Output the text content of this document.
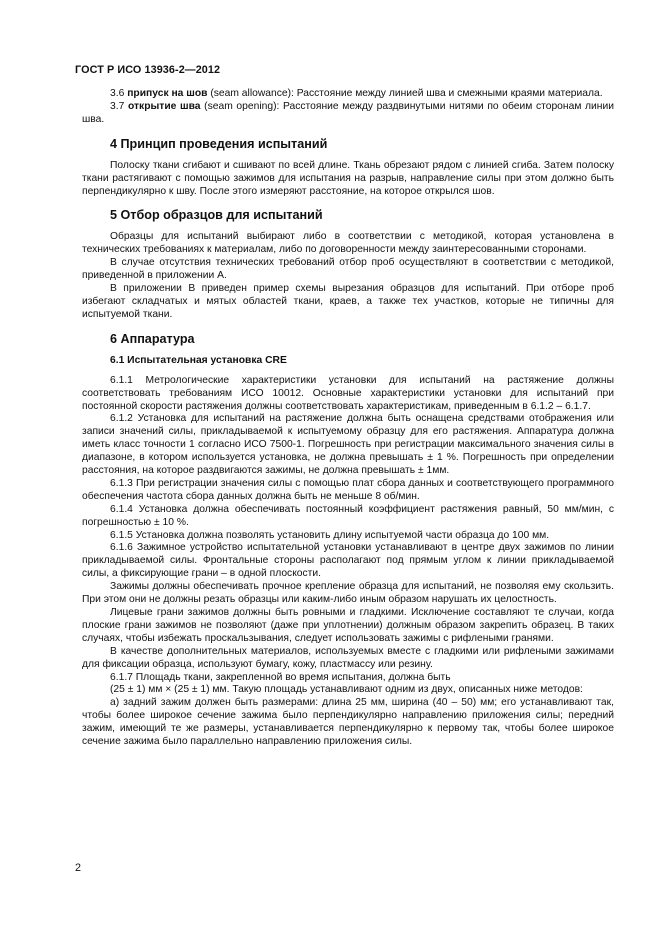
ГОСТ Р ИСО 13936-2—2012

3.6 припуск на шов (seam allowance): Расстояние между линией шва и смежными краями материала.

3.7 открытие шва (seam opening): Расстояние между раздвинутыми нитями по обеим сторонам линии шва.

4 Принцип проведения испытаний

Полоску ткани сгибают и сшивают по всей длине. Ткань обрезают рядом с линией сгиба. Затем полоску ткани растягивают с помощью зажимов для испытания на разрыв, направление силы при этом должно быть перпендикулярно к шву. После этого измеряют расстояние, на которое открылся шов.

5 Отбор образцов для испытаний

Образцы для испытаний выбирают либо в соответствии с методикой, которая установлена в технических требованиях к материалам, либо по договоренности между заинтересованными сторонами.

В случае отсутствия технических требований отбор проб осуществляют в соответствии с методикой, приведенной в приложении А.

В приложении В приведен пример схемы вырезания образцов для испытаний. При отборе проб избегают складчатых и мятых областей ткани, краев, а также тех участков, которые не типичны для испытуемой ткани.

6 Аппаратура
6.1 Испытательная установка CRE

6.1.1 Метрологические характеристики установки для испытаний на растяжение должны соответствовать требованиям ИСО 10012. Основные характеристики установки для испытаний при постоянной скорости растяжения должны соответствовать характеристикам, приведенным в 6.1.2 – 6.1.7.

6.1.2 Установка для испытаний на растяжение должна быть оснащена средствами отображения или записи значений силы, прикладываемой к испытуемому образцу для его растяжения. Аппаратура должна иметь класс точности 1 согласно ИСО 7500-1. Погрешность при регистрации максимального значения силы в диапазоне, в котором используется установка, не должна превышать ± 1 %. Погрешность при определении расстояния, на которое раздвигаются зажимы, не должна превышать ± 1мм.

6.1.3 При регистрации значения силы с помощью плат сбора данных и соответствующего программного обеспечения частота сбора данных должна быть не меньше 8 об/мин.

6.1.4 Установка должна обеспечивать постоянный коэффициент растяжения равный, 50 мм/мин, с погрешностью ± 10 %.

6.1.5 Установка должна позволять установить длину испытуемой части образца до 100 мм.

6.1.6 Зажимное устройство испытательной установки устанавливают в центре двух зажимов по линии прикладываемой силы. Фронтальные стороны располагают под прямым углом к линии прикладываемой силы, а фиксирующие грани – в одной плоскости.

Зажимы должны обеспечивать прочное крепление образца для испытаний, не позволяя ему скользить. При этом они не должны резать образцы или каким-либо иным образом нарушать их целостность.

Лицевые грани зажимов должны быть ровными и гладкими. Исключение составляют те случаи, когда плоские грани зажимов не позволяют (даже при уплотнении) должным образом закрепить образец. В таких случаях, чтобы избежать проскальзывания, следует использовать зажимы с рифлеными гранями.

В качестве дополнительных материалов, используемых вместе с гладкими или рифлеными зажимами для фиксации образца, используют бумагу, кожу, пластмассу или резину.

6.1.7 Площадь ткани, закрепленной во время испытания, должна быть

(25 ± 1) мм × (25 ± 1) мм. Такую площадь устанавливают одним из двух, описанных ниже методов:

а) задний зажим должен быть размерами: длина 25 мм, ширина (40 – 50) мм; его устанавливают так, чтобы более широкое сечение зажима было перпендикулярно направлению приложения силы; передний зажим, имеющий те же размеры, устанавливается перпендикулярно к первому так, чтобы более широкое сечение зажима было параллельно направлению приложения силы.

2
